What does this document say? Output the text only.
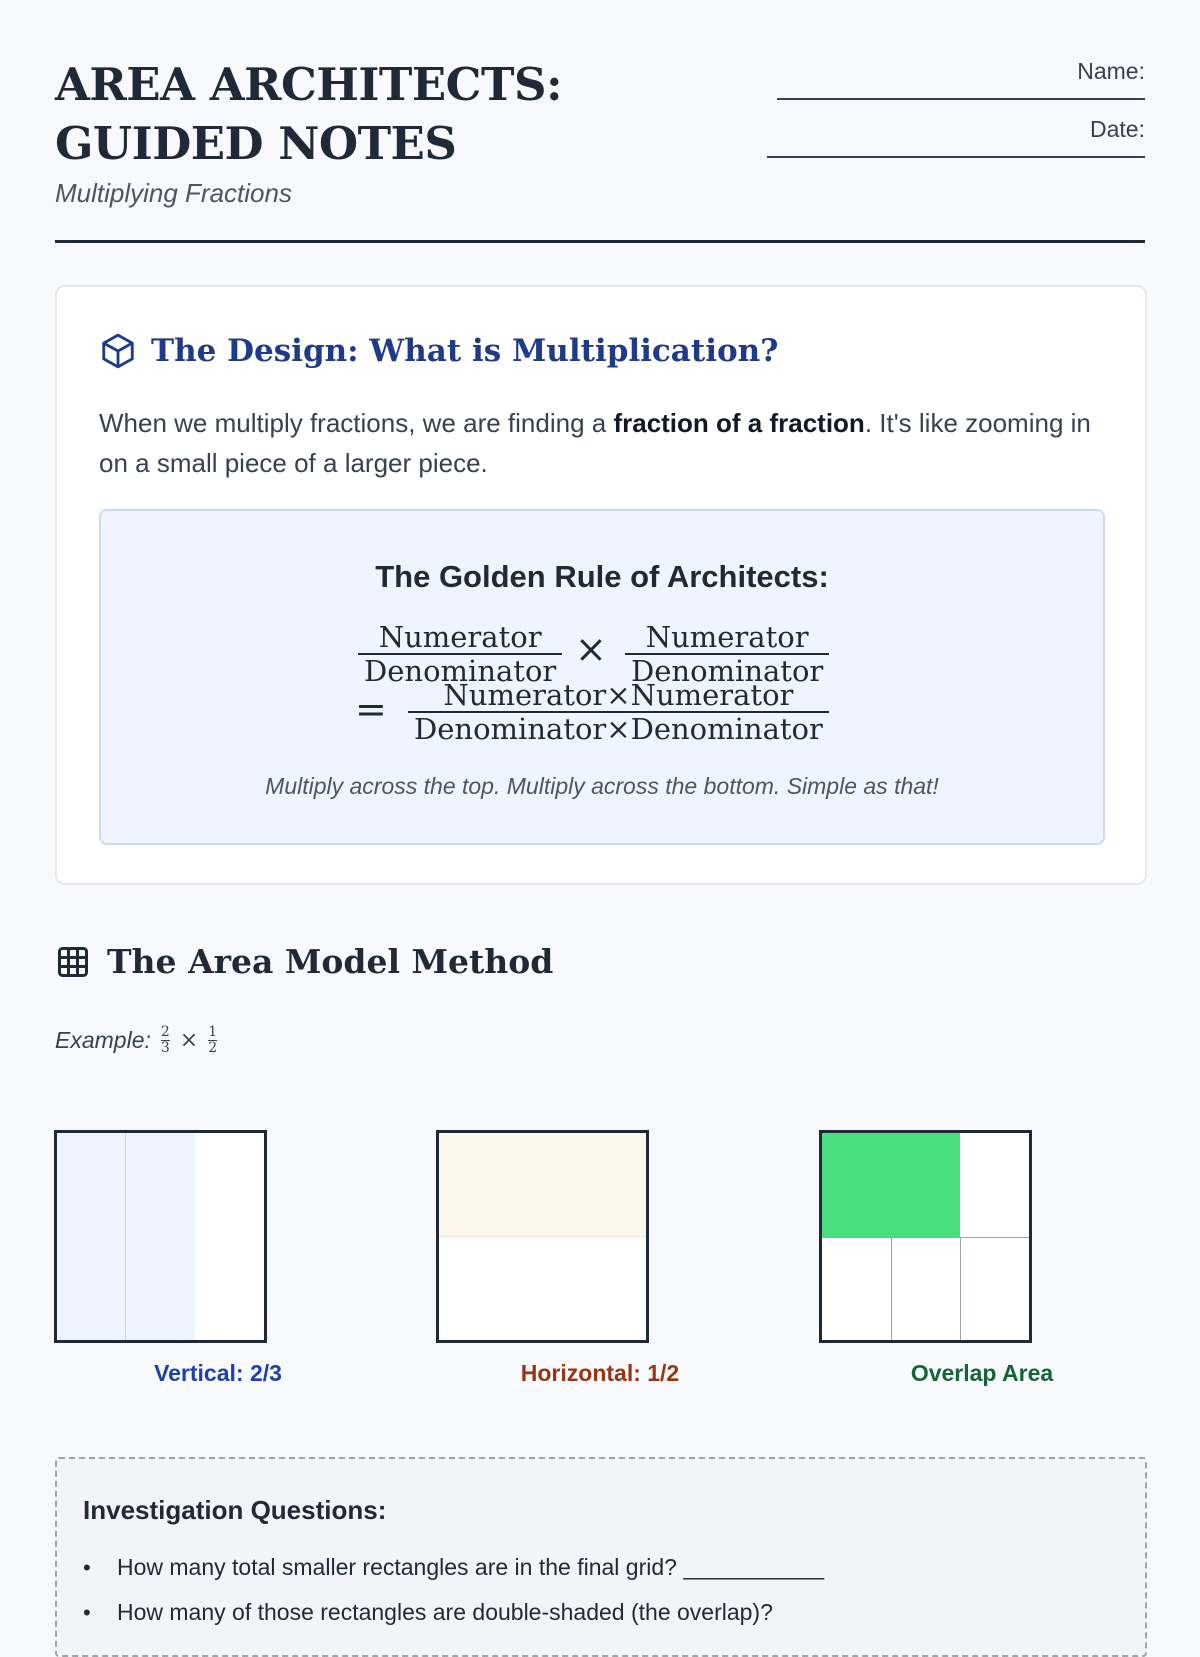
AREA ARCHITECTS: GUIDED NOTES
Multiplying Fractions
Name:
Date:
The Design: What is Multiplication?

When we multiply fractions, we are finding a fraction of a fraction. It's like zooming in on a small piece of a larger piece.

The Golden Rule of Architects:
Numerator
Denominator ×	Numerator
Denominator
=	Numerator×Numerator
Denominator×Denominator
Multiply across the top. Multiply across the bottom. Simple as that!
The Area Model Method
Example: $\frac{2}{3} \times \frac{1}{2}$
Vertical: 2/3	Horizontal: 1/2	Overlap Area
Investigation Questions:
• How many total smaller rectangles are in the final grid? ___________
• How many of those rectangles are double-shaded (the overlap)?
